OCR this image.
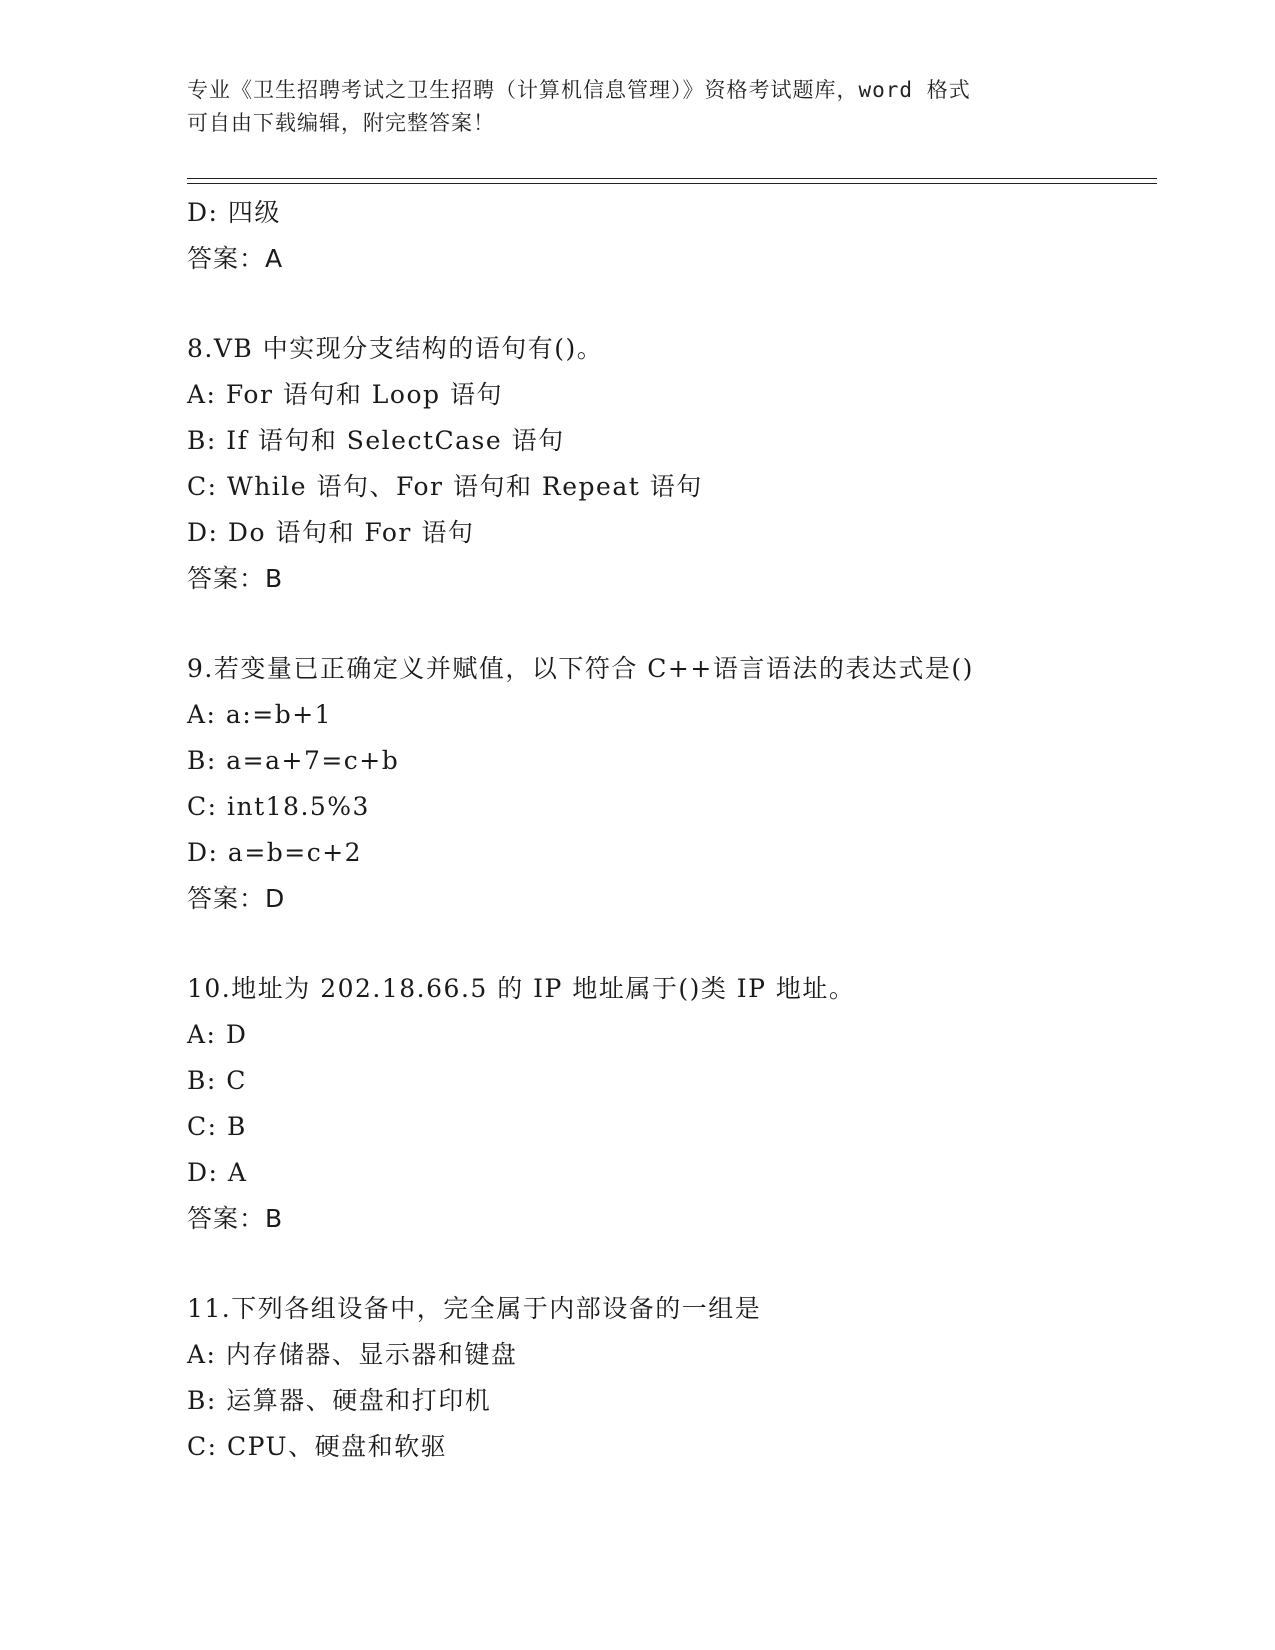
专业《卫生招聘考试之卫生招聘（计算机信息管理）》资格考试题库，word 格式
可自由下载编辑，附完整答案！
D: 四级
答案：A
8.VB 中实现分支结构的语句有()。
A: For 语句和 Loop 语句
B: If 语句和 SelectCase 语句
C: While 语句、For 语句和 Repeat 语句
D: Do 语句和 For 语句
答案：B
9.若变量已正确定义并赋值，以下符合 C++语言语法的表达式是()
A: a:=b+1
B: a=a+7=c+b
C: int18.5%3
D: a=b=c+2
答案：D
10.地址为 202.18.66.5 的 IP 地址属于()类 IP 地址。
A: D
B: C
C: B
D: A
答案：B
11.下列各组设备中，完全属于内部设备的一组是
A: 内存储器、显示器和键盘
B: 运算器、硬盘和打印机
C: CPU、硬盘和软驱
